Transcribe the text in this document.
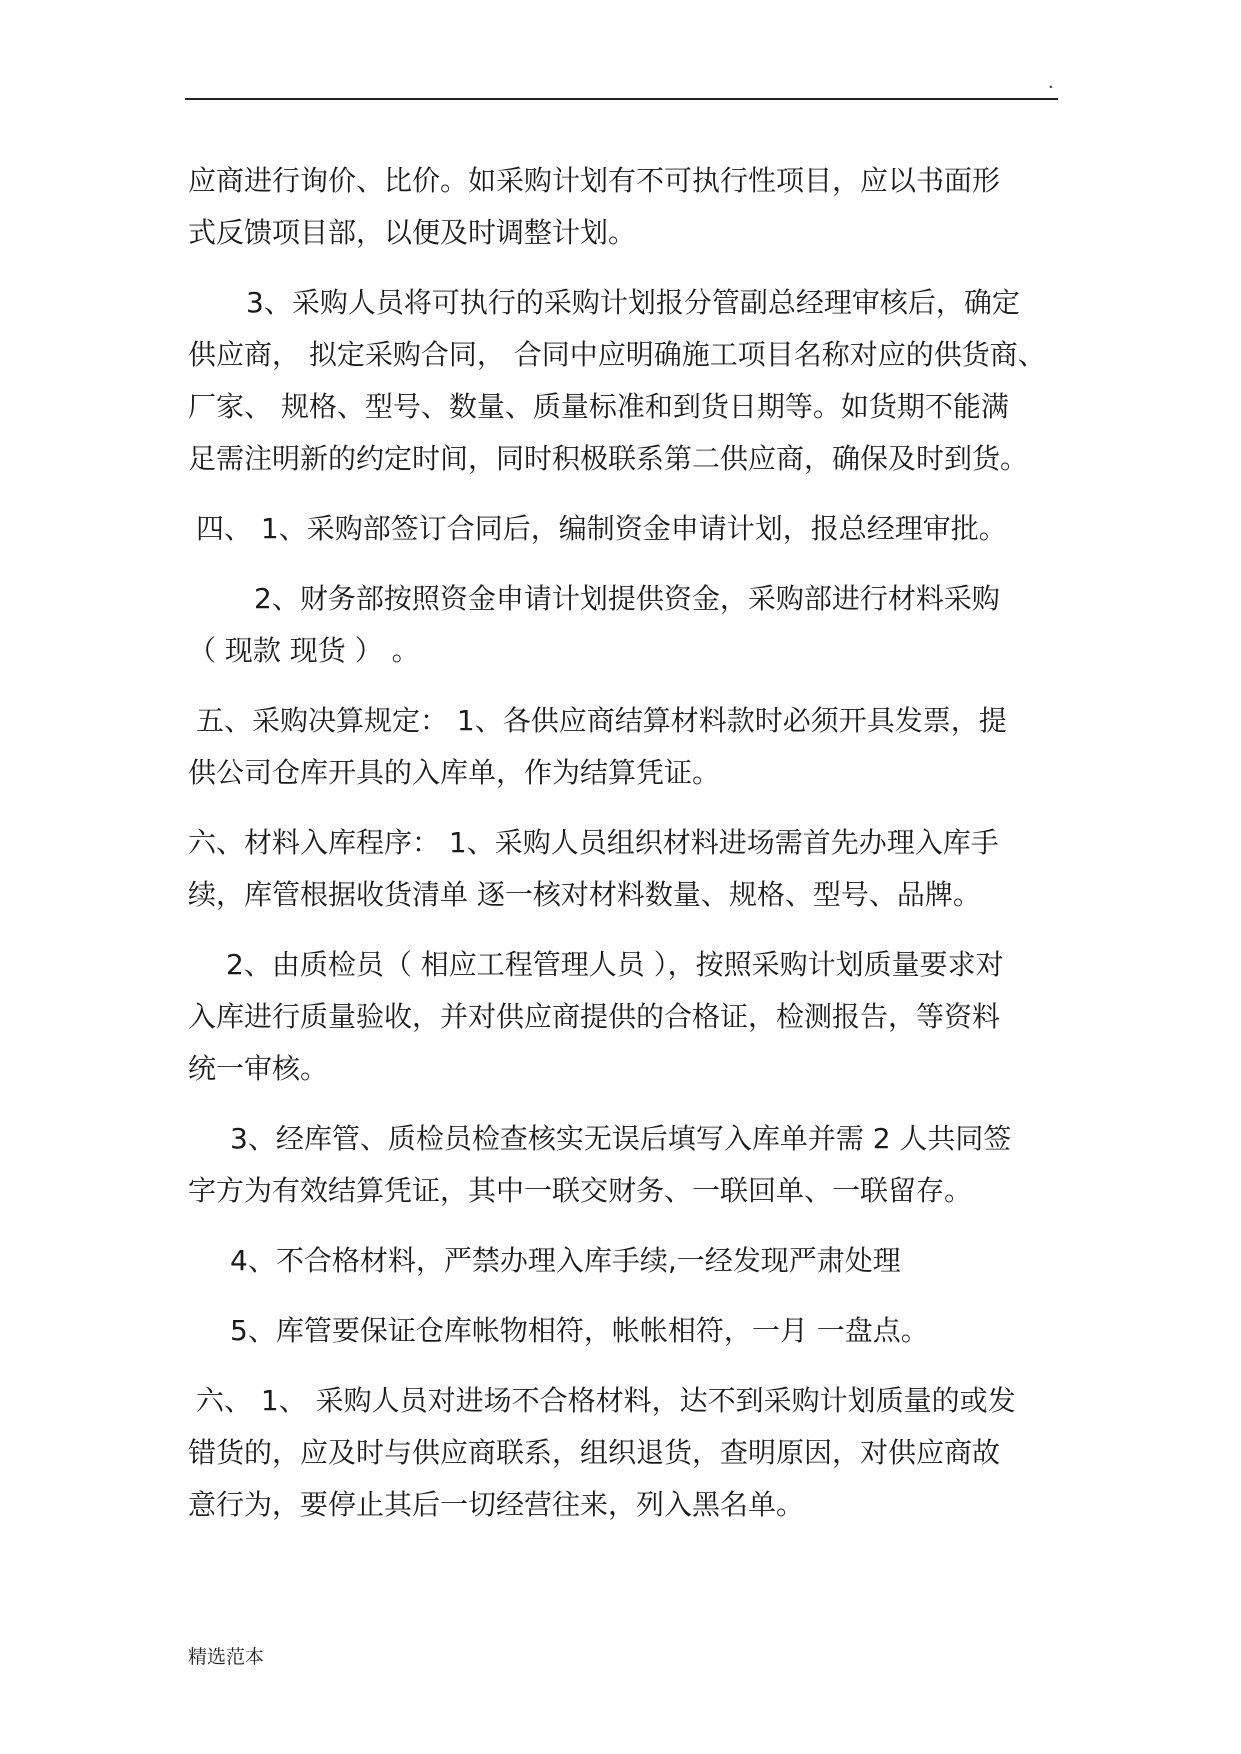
.
应商进行询价、比价。如采购计划有不可执行性项目，应以书面形
式反馈项目部，以便及时调整计划。
3、采购人员将可执行的采购计划报分管副总经理审核后，确定
供应商， 拟定采购合同， 合同中应明确施工项目名称对应的供货商、
厂家、 规格、型号、数量、质量标准和到货日期等。如货期不能满
足需注明新的约定时间，同时积极联系第二供应商，确保及时到货。
四、 1、采购部签订合同后，编制资金申请计划，报总经理审批。
2、财务部按照资金申请计划提供资金，采购部进行材料采购
（ 现款 现货 ） 。
五、采购决算规定： 1、各供应商结算材料款时必须开具发票，提
供公司仓库开具的入库单，作为结算凭证。
六、材料入库程序： 1、采购人员组织材料进场需首先办理入库手
续，库管根据收货清单 逐一核对材料数量、规格、型号、品牌。
2、由质检员（ 相应工程管理人员 ），按照采购计划质量要求对
入库进行质量验收，并对供应商提供的合格证，检测报告，等资料
统一审核。
3、经库管、质检员检查核实无误后填写入库单并需 2 人共同签
字方为有效结算凭证，其中一联交财务、一联回单、一联留存。
4、不合格材料，严禁办理入库手续,一经发现严肃处理
5、库管要保证仓库帐物相符，帐帐相符，一月 一盘点。
六、 1、 采购人员对进场不合格材料，达不到采购计划质量的或发
错货的，应及时与供应商联系，组织退货，查明原因，对供应商故
意行为，要停止其后一切经营往来，列入黑名单。
精选范本
